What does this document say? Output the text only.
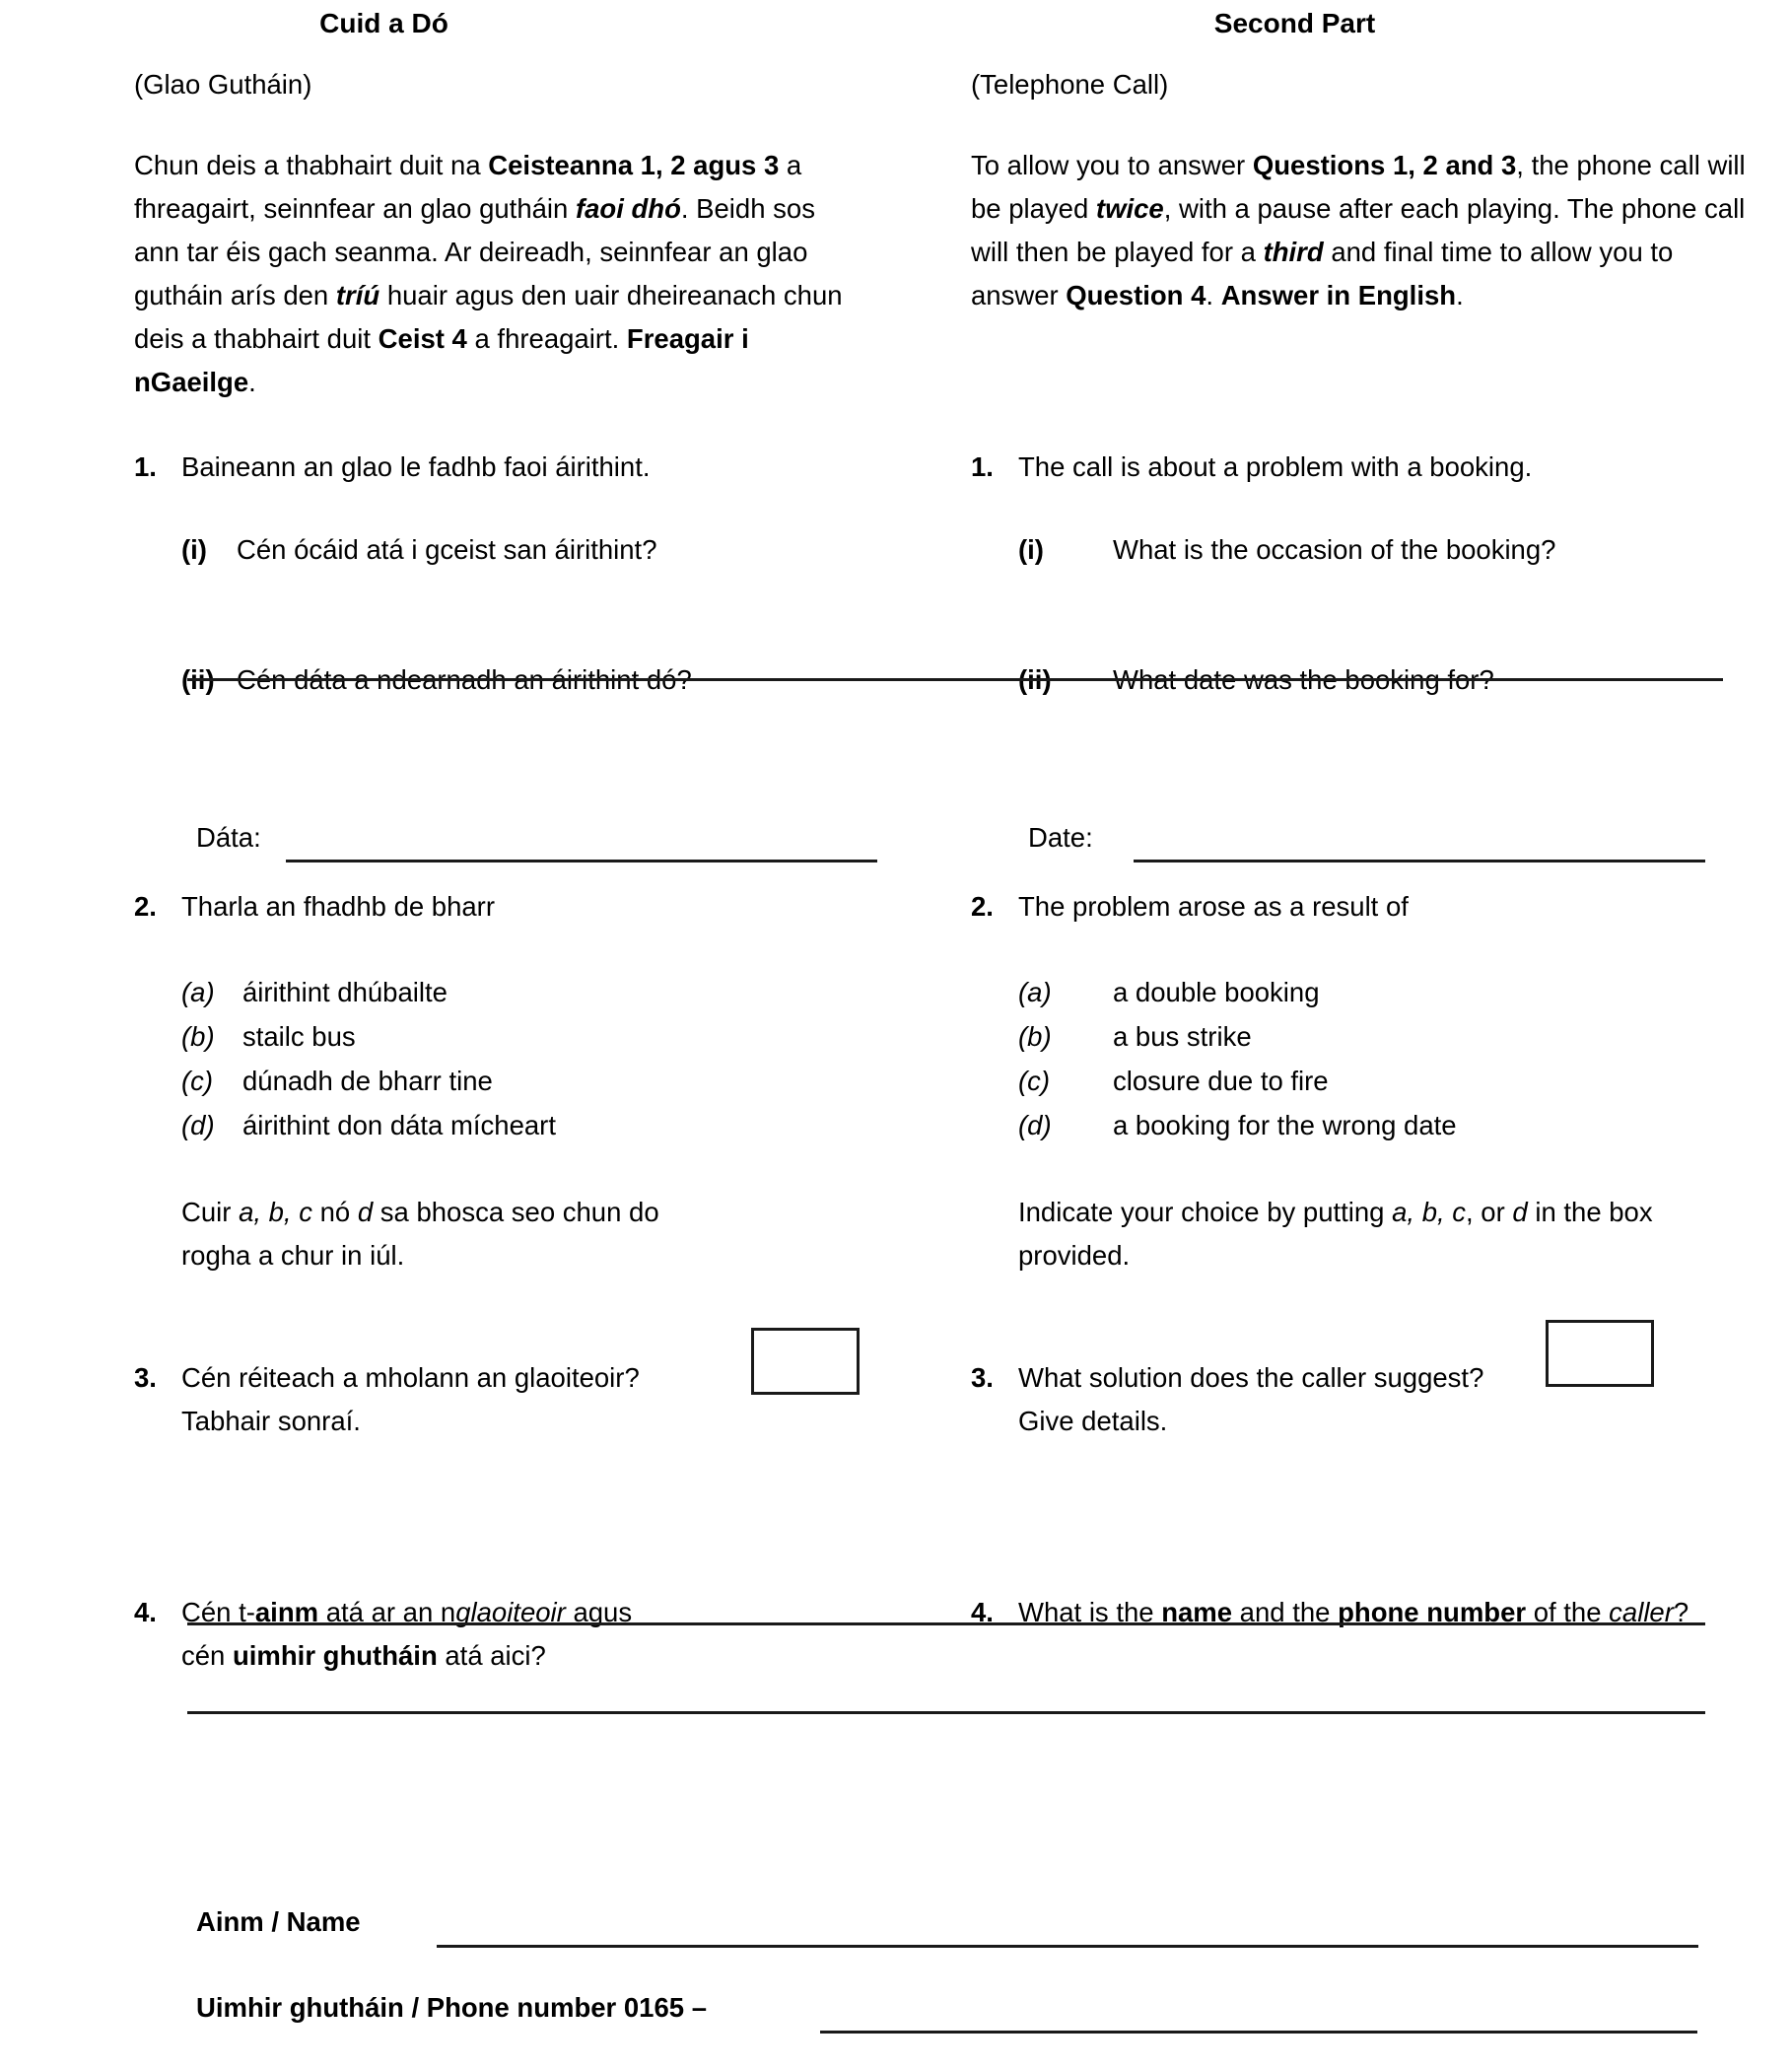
Cuid a Dó	Second Part
(Glao Gutháin)
Chun deis a thabhairt duit na Ceisteanna 1, 2 agus 3 a fhreagairt, seinnfear an glao gutháin faoi dhó. Beidh sos ann tar éis gach seanma. Ar deireadh, seinnfear an glao gutháin arís den tríú huair agus den uair dheireanach chun deis a thabhairt duit Ceist 4 a fhreagairt. Freagair i nGaeilge.
(Telephone Call)
To allow you to answer Questions 1, 2 and 3, the phone call will be played twice, with a pause after each playing. The phone call will then be played for a third and final time to allow you to answer Question 4. Answer in English.
1. Baineann an glao le fadhb faoi áirithint.
(i)	Cén ócáid atá i gceist san áirithint?
1. The call is about a problem with a booking.
(i)	What is the occasion of the booking?
(ii) Cén dáta a ndearnadh an áirithint dó?	(ii)	What date was the booking for?
Dáta:	Date:
2. Tharla an fhadhb de bharr
(a)	áirithint dhúbailte
(b)	stailc bus
(c)	dúnadh de bharr tine
(d)	áirithint don dáta mícheart
Cuir a, b, c nó d sa bhosca seo chun do rogha a chur in iúl.
2. The problem arose as a result of
(a)	a double booking
(b)	a bus strike
(c)	closure due to fire
(d)	a booking for the wrong date
Indicate your choice by putting a, b, c, or d in the box provided.
3. Cén réiteach a mholann an glaoiteoir?
Tabhair sonraí.
3. What solution does the caller suggest?
Give details.
4. Cén t-ainm atá ar an nglaoiteoir agus cén uimhir ghutháin atá aici?
4. What is the name and the phone number of the caller?
Ainm / Name
Uimhir ghutháin / Phone number 0165 –
